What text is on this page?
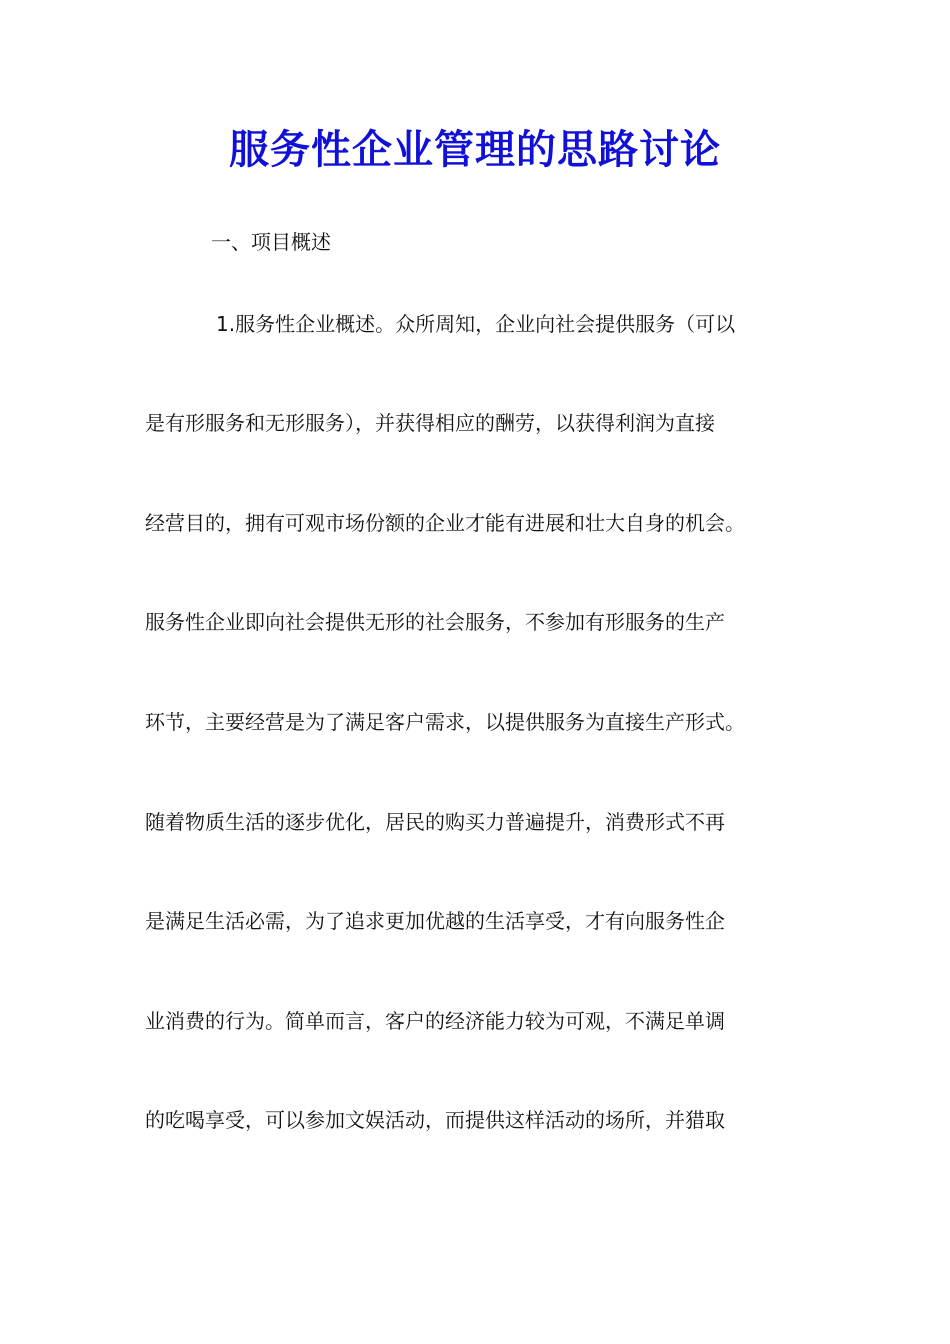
服务性企业管理的思路讨论

一、项目概述

1.服务性企业概述。众所周知，企业向社会提供服务（可以

是有形服务和无形服务），并获得相应的酬劳，以获得利润为直接

经营目的，拥有可观市场份额的企业才能有进展和壮大自身的机会。

服务性企业即向社会提供无形的社会服务，不参加有形服务的生产

环节，主要经营是为了满足客户需求，以提供服务为直接生产形式。

随着物质生活的逐步优化，居民的购买力普遍提升，消费形式不再

是满足生活必需，为了追求更加优越的生活享受，才有向服务性企

业消费的行为。简单而言，客户的经济能力较为可观，不满足单调

的吃喝享受，可以参加文娱活动，而提供这样活动的场所，并猎取
